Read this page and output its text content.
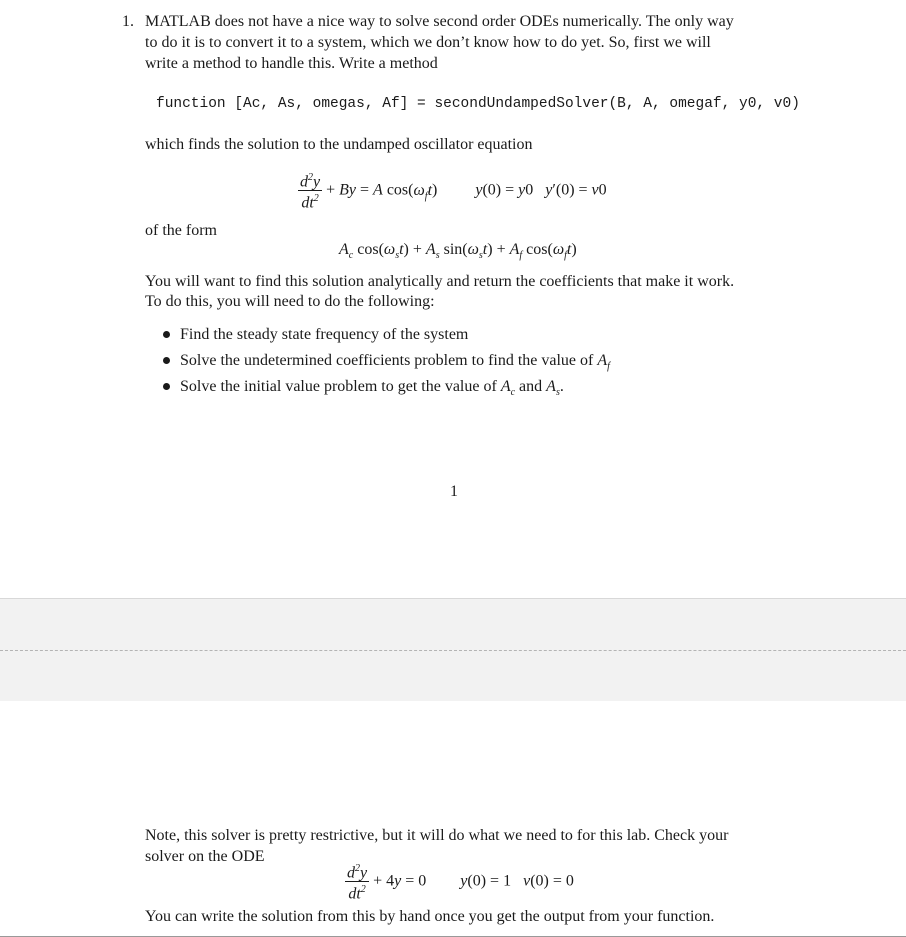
1. MATLAB does not have a nice way to solve second order ODEs numerically. The only way
to do it is to convert it to a system, which we don’t know how to do yet. So, first we will
write a method to handle this. Write a method
function [Ac, As, omegas, Af] = secondUndampedSolver(B, A, omegaf, y0, v0)
which finds the solution to the undamped oscillator equation
$\frac{d^2y}{dt^2} + By = A$ $\cos(\omega_ft) y(0) = y0$   y′(0) = v0
of the form
$A_c$ $\cos(\omega_st) + A_s$ $\sin(\omega_st) + A_f$ $\cos(\omega_ft)$
You will want to find this solution analytically and return the coefficients that make it work.
To do this, you will need to do the following:
Find the steady state frequency of the system
Solve the undetermined coefficients problem to find the value of $A_f$
Solve the initial value problem to get the value of $A_c$ and $A_s$.
1
Note, this solver is pretty restrictive, but it will do what we need to for this lab. Check your
solver on the ODE
$\frac{d^2y}{dt^2} + 4y = 0$  y(0) = 1   v(0) = 0
You can write the solution from this by hand once you get the output from your function.
